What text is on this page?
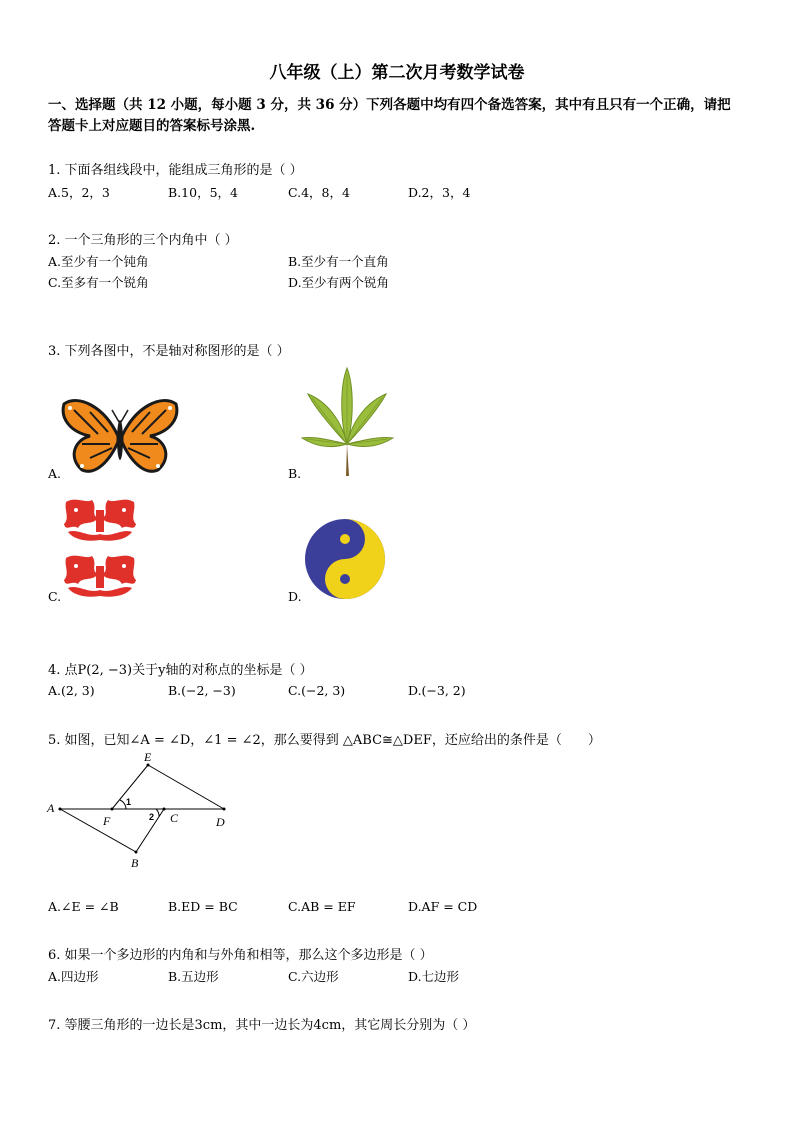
八年级（上）第二次月考数学试卷
一、选择题（共 12 小题，每小题 3 分，共 36 分）下列各题中均有四个备选答案，其中有且只有一个正确，请把
答题卡上对应题目的答案标号涂黑.
1. 下面各组线段中，能组成三角形的是（ ）
A.5，2，3	B.10，5，4	C.4，8，4	D.2，3，4
2. 一个三角形的三个内角中（ ）
A.至少有一个钝角	B.至少有一个直角
C.至多有一个锐角	D.至少有两个锐角
3. 下列各图中，不是轴对称图形的是（ ）
A.	B.
C.	D.
4. 点P(2, −3)关于y轴的对称点的坐标是（ ）
A.(2, 3)	B.(−2, −3)	C.(−2, 3)	D.(−3, 2)
5. 如图，已知∠A = ∠D，∠1 = ∠2，那么要得到 △ABC≅△DEF，还应给出的条件是（　　）
A
E
F	C	D
B
1
2
A.∠E = ∠B	B.ED = BC	C.AB = EF	D.AF = CD
6. 如果一个多边形的内角和与外角和相等，那么这个多边形是（ ）
A.四边形	B.五边形	C.六边形	D.七边形
7. 等腰三角形的一边长是3cm，其中一边长为4cm，其它周长分别为（ ）
